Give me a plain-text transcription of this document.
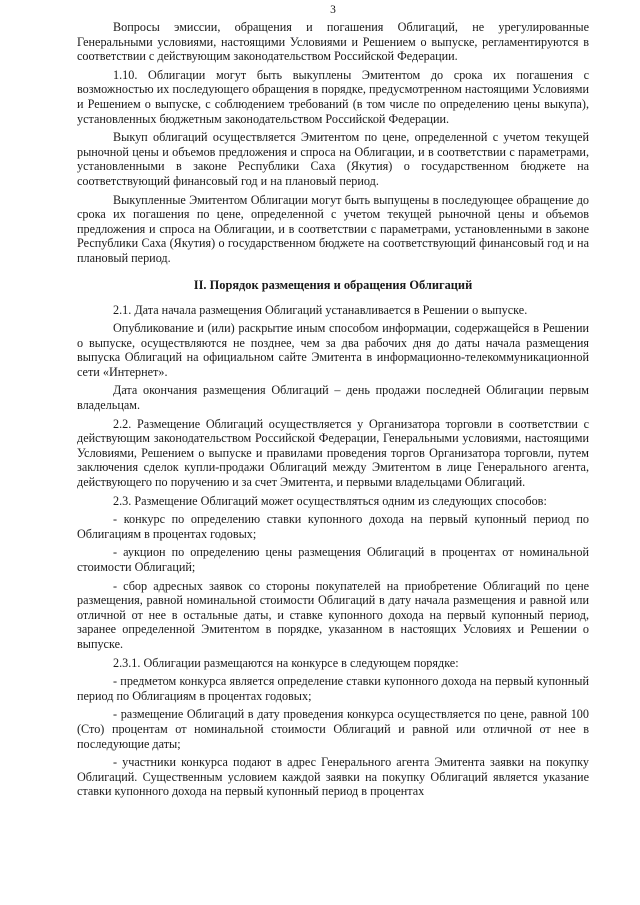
3

Вопросы эмиссии, обращения и погашения Облигаций, не урегулированные Генеральными условиями, настоящими Условиями и Решением о выпуске, регламентируются в соответствии с действующим законодательством Российской Федерации.

1.10. Облигации могут быть выкуплены Эмитентом до срока их погашения с возможностью их последующего обращения в порядке, предусмотренном настоящими Условиями и Решением о выпуске, с соблюдением требований (в том числе по определению цены выкупа), установленных бюджетным законодательством Российской Федерации.

Выкуп облигаций осуществляется Эмитентом по цене, определенной с учетом текущей рыночной цены и объемов предложения и спроса на Облигации, и в соответствии с параметрами, установленными в законе Республики Саха (Якутия) о государственном бюджете на соответствующий финансовый год и на плановый период.

Выкупленные Эмитентом Облигации могут быть выпущены в последующее обращение до срока их погашения по цене, определенной с учетом текущей рыночной цены и объемов предложения и спроса на Облигации, и в соответствии с параметрами, установленными в законе Республики Саха (Якутия) о государственном бюджете на соответствующий финансовый год и на плановый период.

II. Порядок размещения и обращения Облигаций

2.1. Дата начала размещения Облигаций устанавливается в Решении о выпуске.

Опубликование и (или) раскрытие иным способом информации, содержащейся в Решении о выпуске, осуществляются не позднее, чем за два рабочих дня до даты начала размещения выпуска Облигаций на официальном сайте Эмитента в информационно-телекоммуникационной сети «Интернет».

Дата окончания размещения Облигаций – день продажи последней Облигации первым владельцам.

2.2. Размещение Облигаций осуществляется у Организатора торговли в соответствии с действующим законодательством Российской Федерации, Генеральными условиями, настоящими Условиями, Решением о выпуске и правилами проведения торгов Организатора торговли, путем заключения сделок купли-продажи Облигаций между Эмитентом в лице Генерального агента, действующего по поручению и за счет Эмитента, и первыми владельцами Облигаций.

2.3. Размещение Облигаций может осуществляться одним из следующих способов:

- конкурс по определению ставки купонного дохода на первый купонный период по Облигациям в процентах годовых;

- аукцион по определению цены размещения Облигаций в процентах от номинальной стоимости Облигаций;

- сбор адресных заявок со стороны покупателей на приобретение Облигаций по цене размещения, равной номинальной стоимости Облигаций в дату начала размещения и равной или отличной от нее в остальные даты, и ставке купонного дохода на первый купонный период, заранее определенной Эмитентом в порядке, указанном в настоящих Условиях и Решении о выпуске.

2.3.1. Облигации размещаются на конкурсе в следующем порядке:

- предметом конкурса является определение ставки купонного дохода на первый купонный период по Облигациям в процентах годовых;

- размещение Облигаций в дату проведения конкурса осуществляется по цене, равной 100 (Сто) процентам от номинальной стоимости Облигаций и равной или отличной от нее в последующие даты;

- участники конкурса подают в адрес Генерального агента Эмитента заявки на покупку Облигаций. Существенным условием каждой заявки на покупку Облигаций является указание ставки купонного дохода на первый купонный период в процентах
